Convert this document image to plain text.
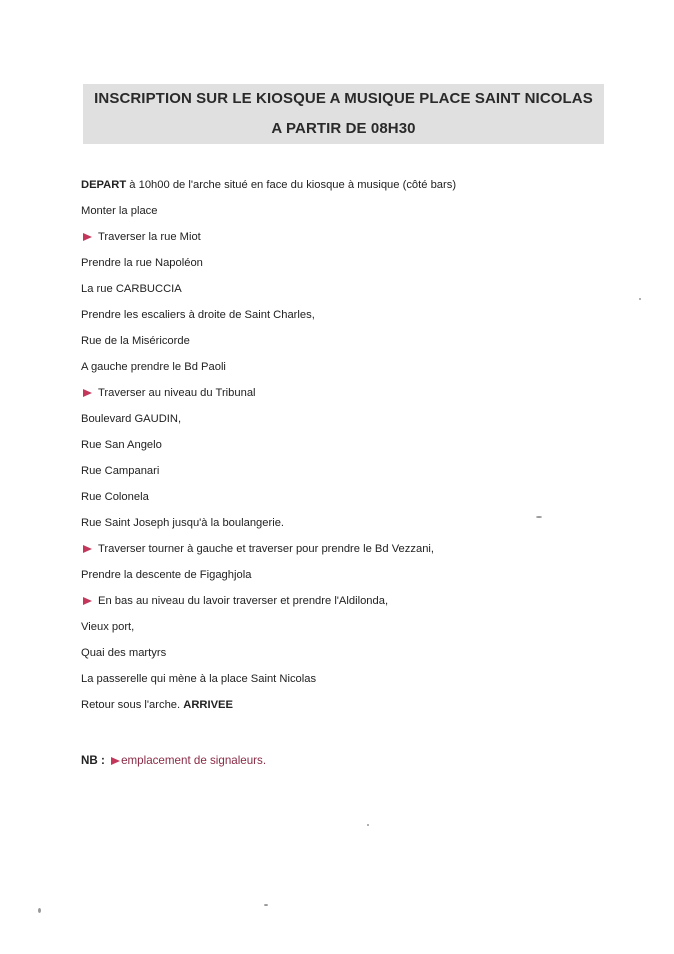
INSCRIPTION SUR LE KIOSQUE A MUSIQUE PLACE SAINT NICOLAS
A PARTIR DE 08H30
DEPART à 10h00 de l'arche situé en face du kiosque à musique (côté bars)
Monter la place
Traverser la rue Miot
Prendre la rue Napoléon
La rue CARBUCCIA
Prendre les escaliers à droite de Saint Charles,
Rue de la Miséricorde
A gauche prendre le Bd Paoli
Traverser au niveau du Tribunal
Boulevard GAUDIN,
Rue San Angelo
Rue Campanari
Rue Colonela
Rue Saint Joseph jusqu'à la boulangerie.
Traverser tourner à gauche et traverser pour prendre le Bd Vezzani,
Prendre la descente de Figaghjola
En bas au niveau du lavoir traverser et prendre l'Aldilonda,
Vieux port,
Quai des martyrs
La passerelle qui mène à la place Saint Nicolas
Retour sous l'arche. ARRIVEE
NB : emplacement de signaleurs.
